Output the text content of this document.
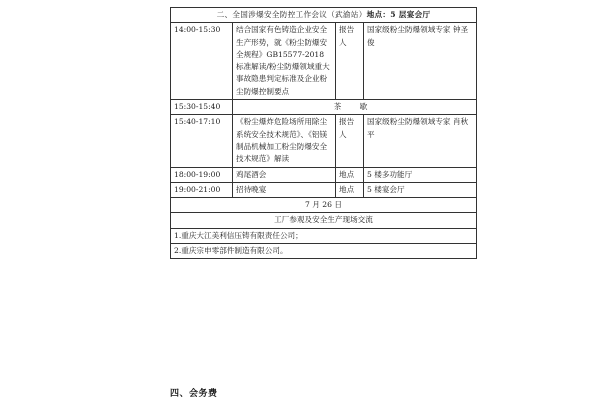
二、全国涉爆安全防控工作会议（武渝站）地点：5 层宴会厅			
14:00-15:30	结合国家有色铸造企业安全生产形势，就《粉尘防爆安全规程》GB15577-2018 标准解读/粉尘防爆领域重大事故隐患判定标准及企业粉尘防爆控制要点	报告人	国家级粉尘防爆领域专家 钟圣俊
15:30-15:40	茶 歇		
15:40-17:10	《粉尘爆炸危险场所用除尘系统安全技术规范》、《铝镁制品机械加工粉尘防爆安全技术规范》解读	报告人	国家级粉尘防爆领域专家 肖秋平
18:00-19:00	鸡尾酒会	地点	5 楼多功能厅
19:00-21:00	招待晚宴	地点	5 楼宴会厅
7 月 26 日			
工厂参观及安全生产现场交流			
1.重庆大江美利信压铸有限责任公司；			
2.重庆宗申零部件制造有限公司。			
四、会务费
